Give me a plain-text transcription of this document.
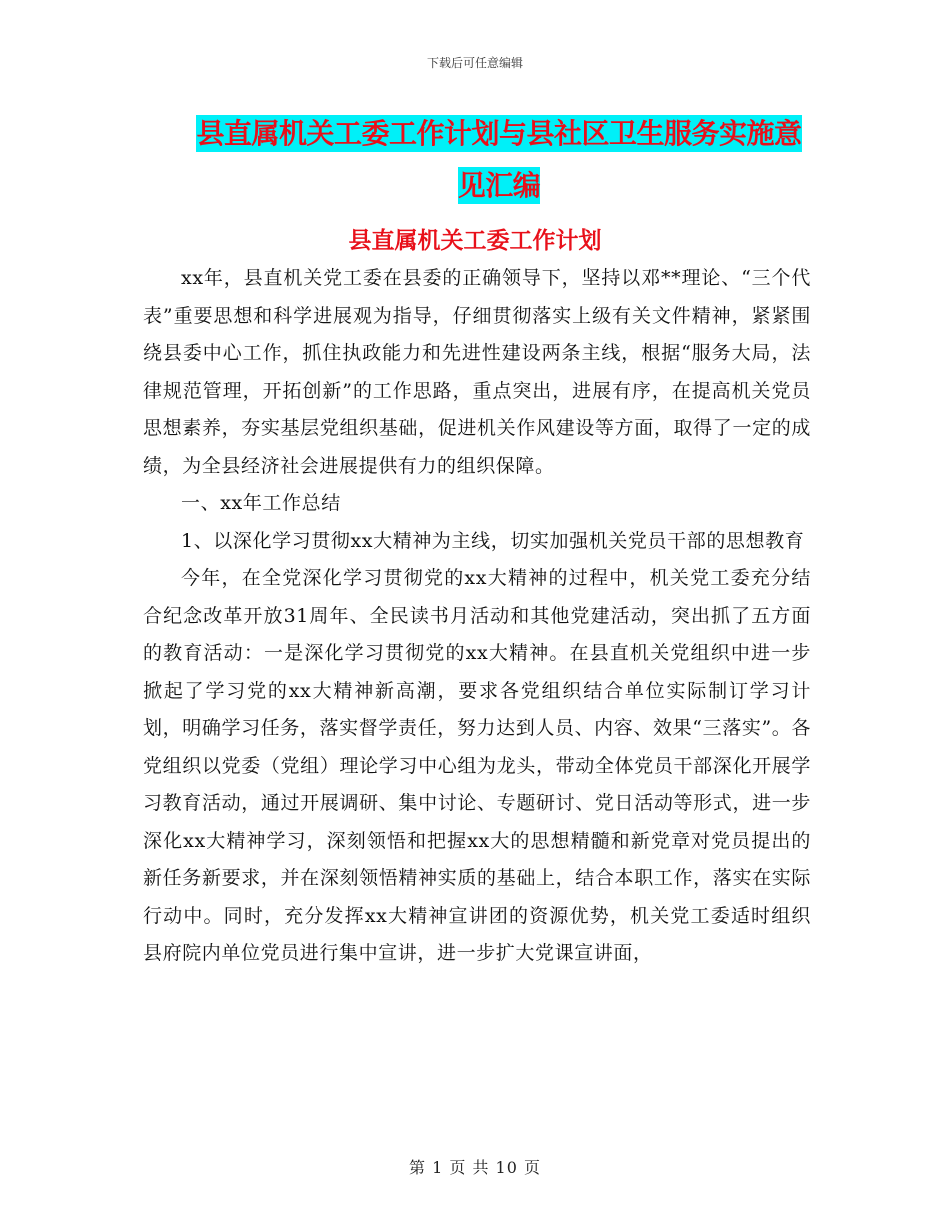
下载后可任意编辑
县直属机关工委工作计划与县社区卫生服务实施意见汇编
县直属机关工委工作计划

xx年，县直机关党工委在县委的正确领导下，坚持以邓**理论、“三个代表”重要思想和科学进展观为指导，仔细贯彻落实上级有关文件精神，紧紧围绕县委中心工作，抓住执政能力和先进性建设两条主线，根据“服务大局，法律规范管理，开拓创新”的工作思路，重点突出，进展有序，在提高机关党员思想素养，夯实基层党组织基础，促进机关作风建设等方面，取得了一定的成绩，为全县经济社会进展提供有力的组织保障。

一、xx年工作总结

1、以深化学习贯彻xx大精神为主线，切实加强机关党员干部的思想教育

今年，在全党深化学习贯彻党的xx大精神的过程中，机关党工委充分结合纪念改革开放31周年、全民读书月活动和其他党建活动，突出抓了五方面的教育活动：一是深化学习贯彻党的xx大精神。在县直机关党组织中进一步掀起了学习党的xx大精神新高潮，要求各党组织结合单位实际制订学习计划，明确学习任务，落实督学责任，努力达到人员、内容、效果“三落实”。各党组织以党委（党组）理论学习中心组为龙头，带动全体党员干部深化开展学习教育活动，通过开展调研、集中讨论、专题研讨、党日活动等形式，进一步深化xx大精神学习，深刻领悟和把握xx大的思想精髓和新党章对党员提出的新任务新要求，并在深刻领悟精神实质的基础上，结合本职工作，落实在实际行动中。同时，充分发挥xx大精神宣讲团的资源优势，机关党工委适时组织县府院内单位党员进行集中宣讲，进一步扩大党课宣讲面，

第 1 页 共 10 页
